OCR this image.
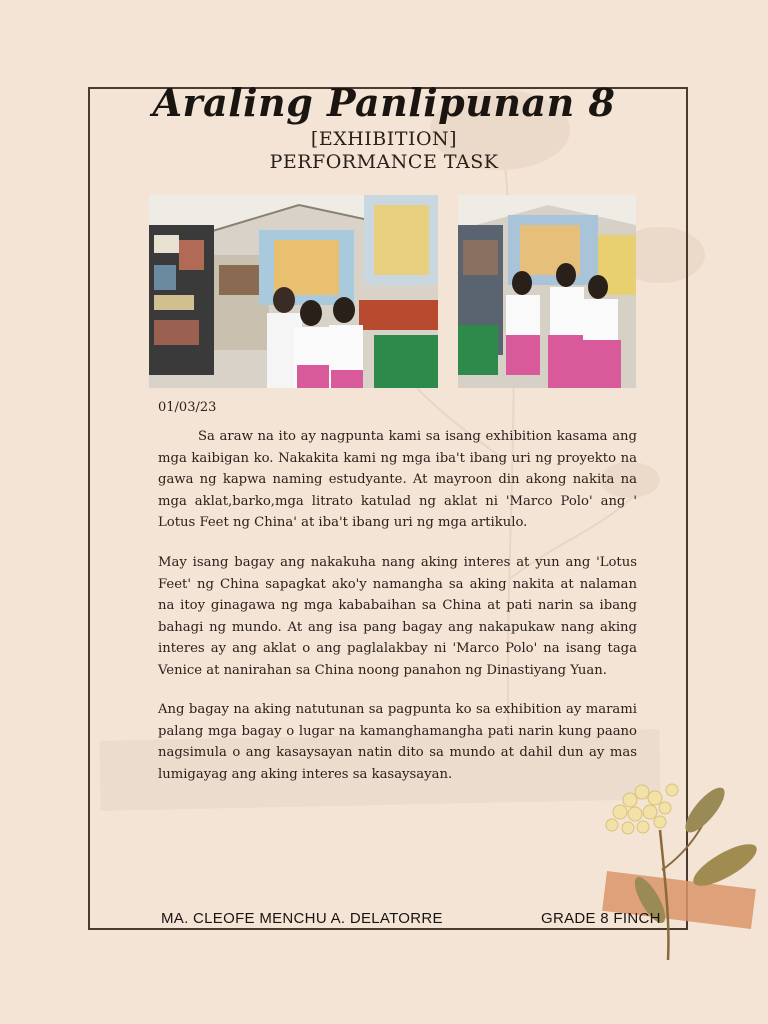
Araling Panlipunan 8
[EXHIBITION]
PERFORMANCE TASK
01/03/23
Sa araw na ito ay nagpunta kami sa isang exhibition kasama ang mga kaibigan ko. Nakakita kami ng mga iba't ibang uri ng proyekto na gawa ng kapwa naming estudyante. At mayroon din akong nakita na mga aklat,barko,mga litrato katulad ng aklat ni 'Marco Polo' ang ' Lotus Feet ng China' at iba't ibang uri ng mga artikulo.
May isang bagay ang nakakuha nang aking interes at yun ang 'Lotus Feet' ng China sapagkat ako'y namangha sa aking nakita at nalaman na itoy ginagawa ng mga kababaihan sa China at pati narin sa ibang bahagi ng mundo. At ang isa pang bagay ang nakapukaw nang aking interes ay ang aklat o ang paglalakbay ni 'Marco Polo' na isang taga Venice at nanirahan sa China noong panahon ng Dinastiyang Yuan.
Ang bagay na aking natutunan sa pagpunta ko sa exhibition ay marami palang mga bagay o lugar na kamanghamangha pati narin kung paano nagsimula o ang kasaysayan natin dito sa mundo at dahil dun ay mas lumigayag ang aking interes sa kasaysayan.
MA. CLEOFE MENCHU A. DELATORRE	GRADE 8 FINCH
